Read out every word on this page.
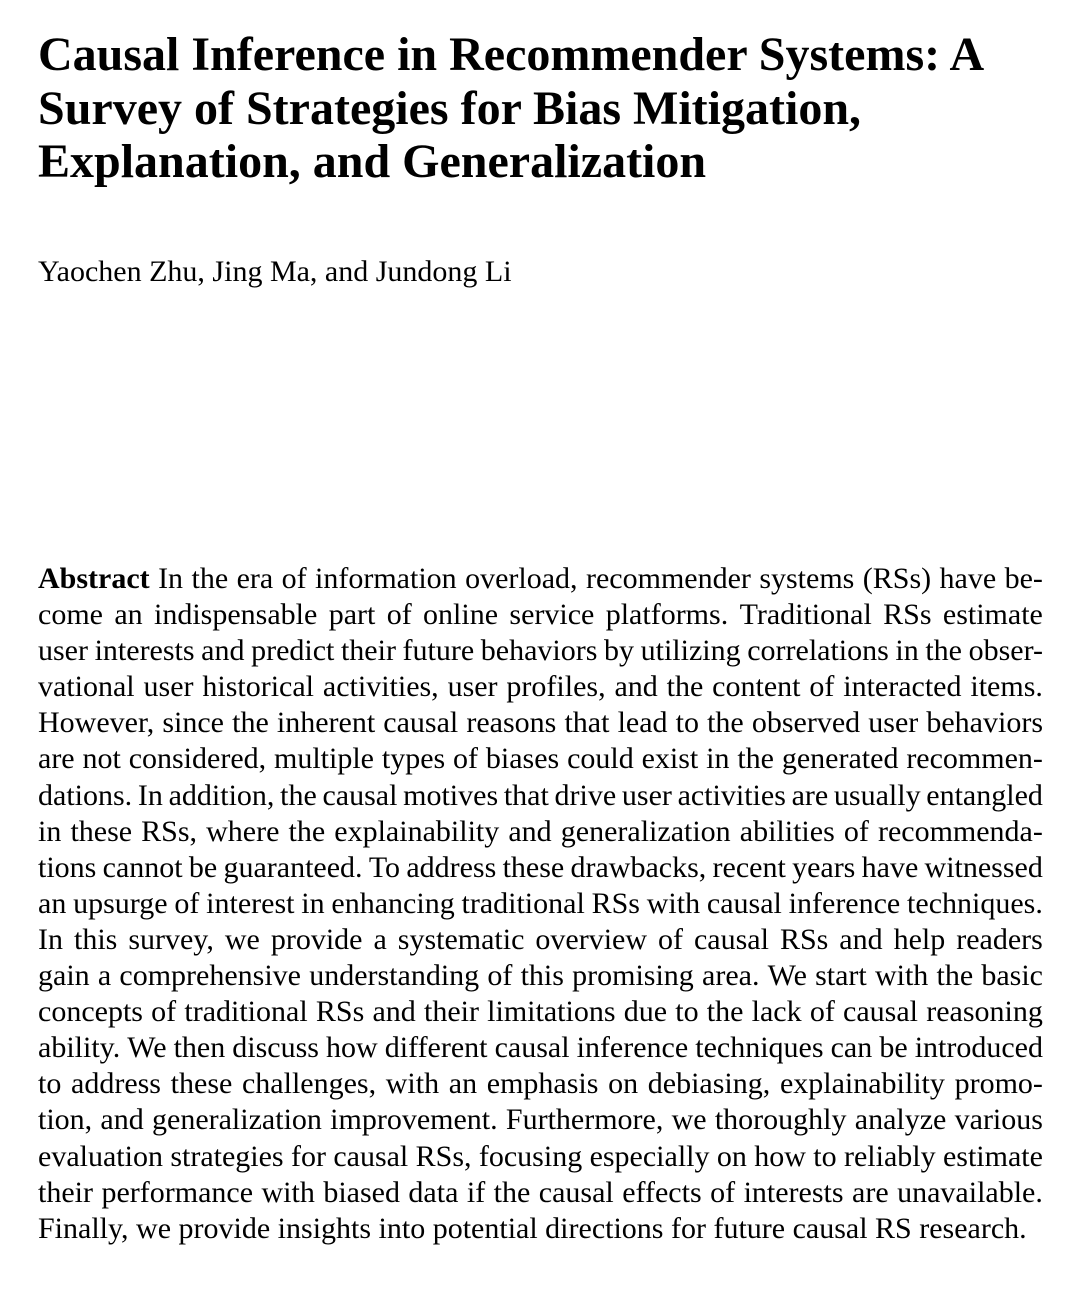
Causal Inference in Recommender Systems: A
Survey of Strategies for Bias Mitigation,
Explanation, and Generalization
Yaochen Zhu, Jing Ma, and Jundong Li
Abstract In the era of information overload, recommender systems (RSs) have be-
come an indispensable part of online service platforms. Traditional RSs estimate
user interests and predict their future behaviors by utilizing correlations in the obser-
vational user historical activities, user profiles, and the content of interacted items.
However, since the inherent causal reasons that lead to the observed user behaviors
are not considered, multiple types of biases could exist in the generated recommen-
dations. In addition, the causal motives that drive user activities are usually entangled
in these RSs, where the explainability and generalization abilities of recommenda-
tions cannot be guaranteed. To address these drawbacks, recent years have witnessed
an upsurge of interest in enhancing traditional RSs with causal inference techniques.
In this survey, we provide a systematic overview of causal RSs and help readers
gain a comprehensive understanding of this promising area. We start with the basic
concepts of traditional RSs and their limitations due to the lack of causal reasoning
ability. We then discuss how different causal inference techniques can be introduced
to address these challenges, with an emphasis on debiasing, explainability promo-
tion, and generalization improvement. Furthermore, we thoroughly analyze various
evaluation strategies for causal RSs, focusing especially on how to reliably estimate
their performance with biased data if the causal effects of interests are unavailable.
Finally, we provide insights into potential directions for future causal RS research.
